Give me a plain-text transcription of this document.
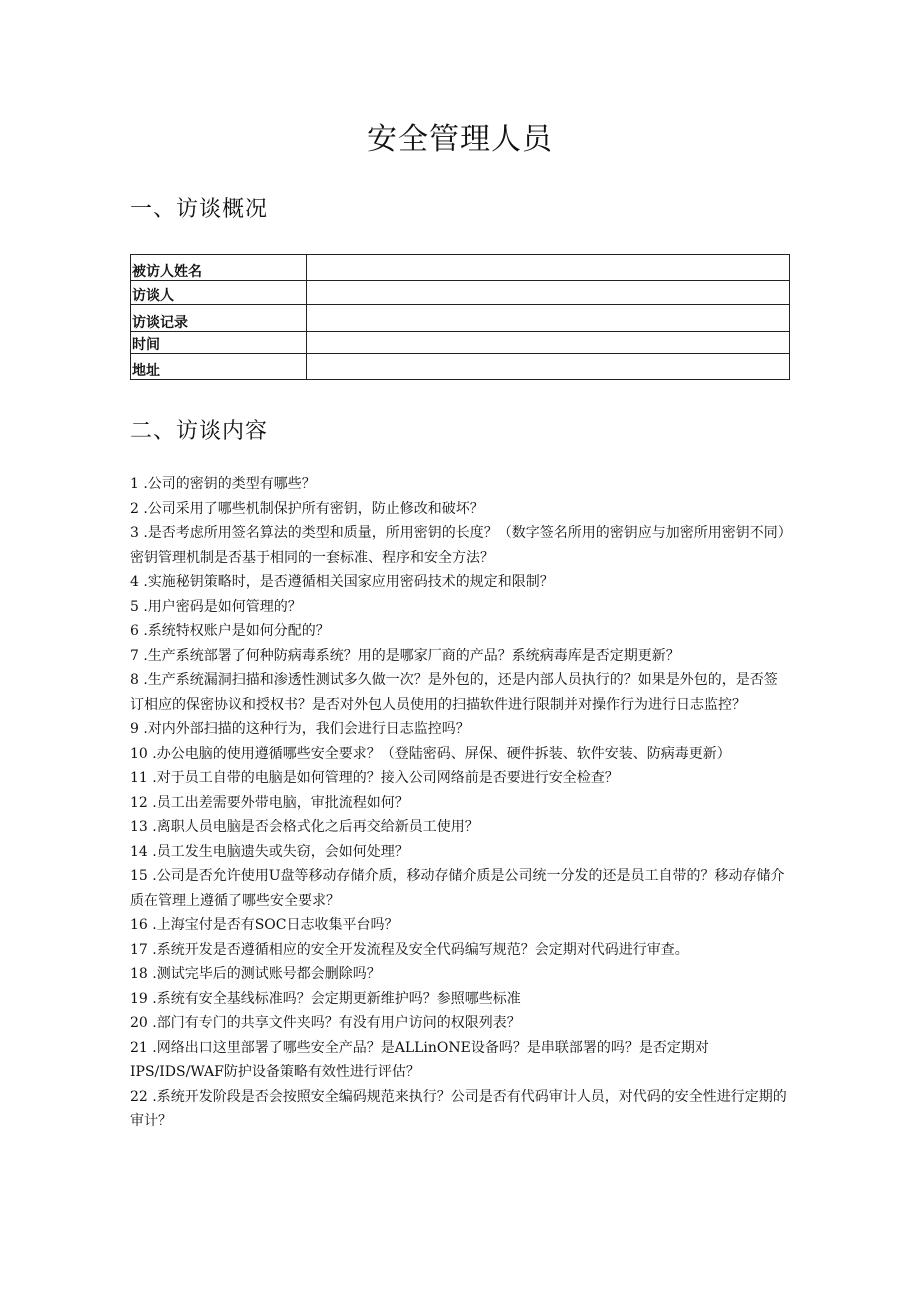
安全管理人员
一、访谈概况
被访人姓名	
访谈人	
访谈记录	
时间	
地址	
二、访谈内容

1 .公司的密钥的类型有哪些？

2 .公司采用了哪些机制保护所有密钥，防止修改和破坏？

3 .是否考虑所用签名算法的类型和质量，所用密钥的长度？（数字签名所用的密钥应与加密所用密钥不同）密钥管理机制是否基于相同的一套标准、程序和安全方法？

4 .实施秘钥策略时，是否遵循相关国家应用密码技术的规定和限制？

5 .用户密码是如何管理的？

6 .系统特权账户是如何分配的？

7 .生产系统部署了何种防病毒系统？用的是哪家厂商的产品？系统病毒库是否定期更新？

8 .生产系统漏洞扫描和渗透性测试多久做一次？是外包的，还是内部人员执行的？如果是外包的，是否签订相应的保密协议和授权书？是否对外包人员使用的扫描软件进行限制并对操作行为进行日志监控？

9 .对内外部扫描的这种行为，我们会进行日志监控吗？

10 .办公电脑的使用遵循哪些安全要求？（登陆密码、屏保、硬件拆装、软件安装、防病毒更新）

11 .对于员工自带的电脑是如何管理的？接入公司网络前是否要进行安全检查？

12 .员工出差需要外带电脑，审批流程如何？

13 .离职人员电脑是否会格式化之后再交给新员工使用？

14 .员工发生电脑遗失或失窃，会如何处理？

15 .公司是否允许使用U盘等移动存储介质，移动存储介质是公司统一分发的还是员工自带的？移动存储介质在管理上遵循了哪些安全要求？

16 .上海宝付是否有SOC日志收集平台吗？

17 .系统开发是否遵循相应的安全开发流程及安全代码编写规范？会定期对代码进行审查。

18 .测试完毕后的测试账号都会删除吗？

19 .系统有安全基线标准吗？会定期更新维护吗？参照哪些标准

20 .部门有专门的共享文件夹吗？有没有用户访问的权限列表？

21 .网络出口这里部署了哪些安全产品？是ALLinONE设备吗？是串联部署的吗？是否定期对IPS/IDS/WAF防护设备策略有效性进行评估？

22 .系统开发阶段是否会按照安全编码规范来执行？公司是否有代码审计人员，对代码的安全性进行定期的审计？
